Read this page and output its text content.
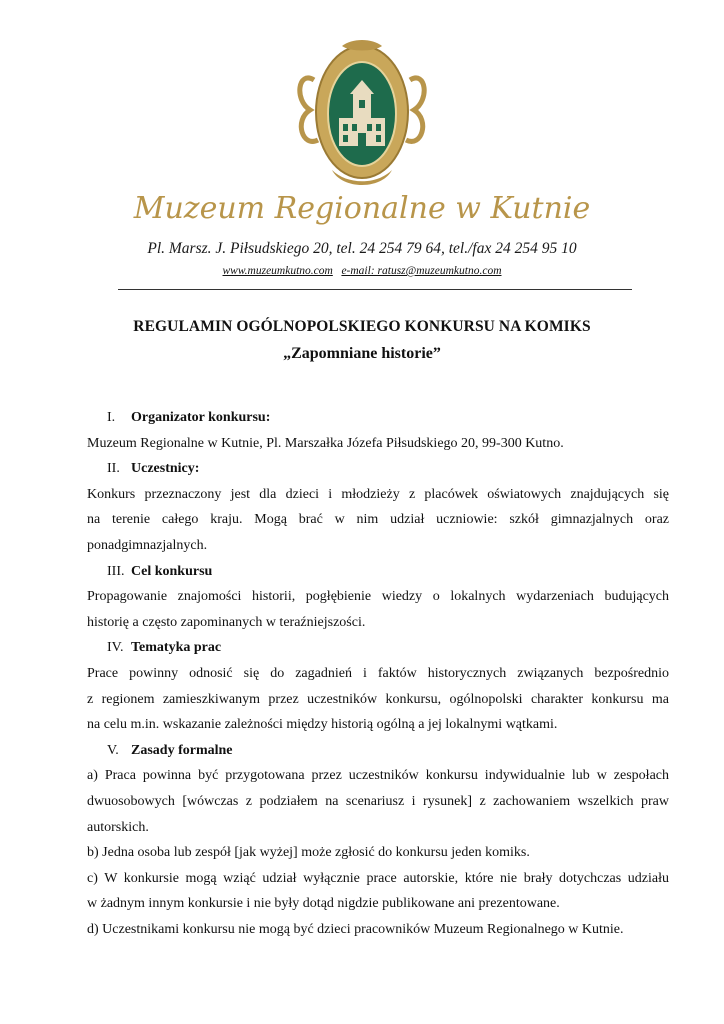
Muzeum Regionalne w Kutnie
Pl. Marsz. J. Piłsudskiego 20, tel. 24 254 79 64, tel./fax 24 254 95 10
www.muzeumkutno.com e-mail: ratusz@muzeumkutno.com
REGULAMIN OGÓLNOPOLSKIEGO KONKURSU NA KOMIKS
„Zapomniane historie”

I. Organizator konkursu:

Muzeum Regionalne w Kutnie, Pl. Marszałka Józefa Piłsudskiego 20, 99-300 Kutno.

II. Uczestnicy:

Konkurs przeznaczony jest dla dzieci i młodzieży z placówek oświatowych znajdujących się

na terenie całego kraju. Mogą brać w nim udział uczniowie: szkół gimnazjalnych oraz

ponadgimnazjalnych.

III. Cel konkursu

Propagowanie znajomości historii, pogłębienie wiedzy o lokalnych wydarzeniach budujących

historię a często zapominanych w teraźniejszości.

IV. Tematyka prac

Prace powinny odnosić się do zagadnień i faktów historycznych związanych bezpośrednio

z regionem zamieszkiwanym przez uczestników konkursu, ogólnopolski charakter konkursu ma

na celu m.in. wskazanie zależności między historią ogólną a jej lokalnymi wątkami.

V. Zasady formalne

a) Praca powinna być przygotowana przez uczestników konkursu indywidualnie lub w zespołach

dwuosobowych [wówczas z podziałem na scenariusz i rysunek] z zachowaniem wszelkich praw

autorskich.

b) Jedna osoba lub zespół [jak wyżej] może zgłosić do konkursu jeden komiks.

c) W konkursie mogą wziąć udział wyłącznie prace autorskie, które nie brały dotychczas udziału

w żadnym innym konkursie i nie były dotąd nigdzie publikowane ani prezentowane.

d) Uczestnikami konkursu nie mogą być dzieci pracowników Muzeum Regionalnego w Kutnie.
